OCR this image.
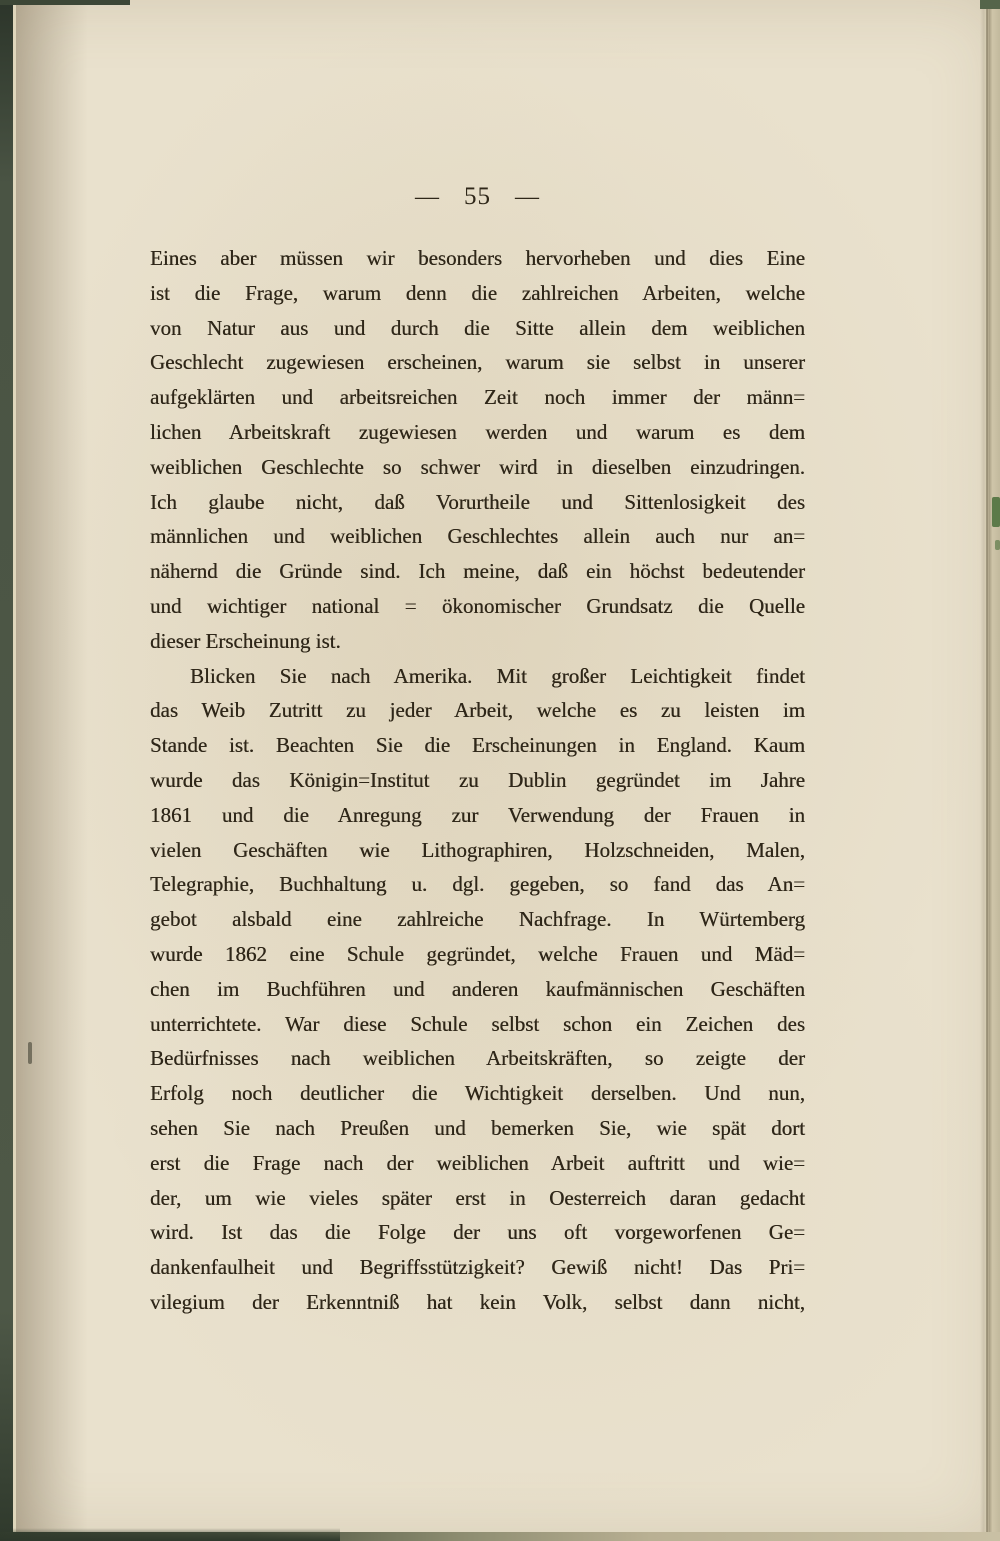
— 55 —
Eines aber müssen wir besonders hervorheben und dies Eine
ist die Frage, warum denn die zahlreichen Arbeiten, welche
von Natur aus und durch die Sitte allein dem weiblichen
Geschlecht zugewiesen erscheinen, warum sie selbst in unserer
aufgeklärten und arbeitsreichen Zeit noch immer der männ=
lichen Arbeitskraft zugewiesen werden und warum es dem
weiblichen Geschlechte so schwer wird in dieselben einzudringen.
Ich glaube nicht, daß Vorurtheile und Sittenlosigkeit des
männlichen und weiblichen Geschlechtes allein auch nur an=
nähernd die Gründe sind. Ich meine, daß ein höchst bedeutender
und wichtiger national = ökonomischer Grundsatz die Quelle
dieser Erscheinung ist.
Blicken Sie nach Amerika. Mit großer Leichtigkeit findet
das Weib Zutritt zu jeder Arbeit, welche es zu leisten im
Stande ist. Beachten Sie die Erscheinungen in England. Kaum
wurde das Königin=Institut zu Dublin gegründet im Jahre
1861 und die Anregung zur Verwendung der Frauen in
vielen Geschäften wie Lithographiren, Holzschneiden, Malen,
Telegraphie, Buchhaltung u. dgl. gegeben, so fand das An=
gebot alsbald eine zahlreiche Nachfrage. In Würtemberg
wurde 1862 eine Schule gegründet, welche Frauen und Mäd=
chen im Buchführen und anderen kaufmännischen Geschäften
unterrichtete. War diese Schule selbst schon ein Zeichen des
Bedürfnisses nach weiblichen Arbeitskräften, so zeigte der
Erfolg noch deutlicher die Wichtigkeit derselben. Und nun,
sehen Sie nach Preußen und bemerken Sie, wie spät dort
erst die Frage nach der weiblichen Arbeit auftritt und wie=
der, um wie vieles später erst in Oesterreich daran gedacht
wird. Ist das die Folge der uns oft vorgeworfenen Ge=
dankenfaulheit und Begriffsstützigkeit? Gewiß nicht! Das Pri=
vilegium der Erkenntniß hat kein Volk, selbst dann nicht,
